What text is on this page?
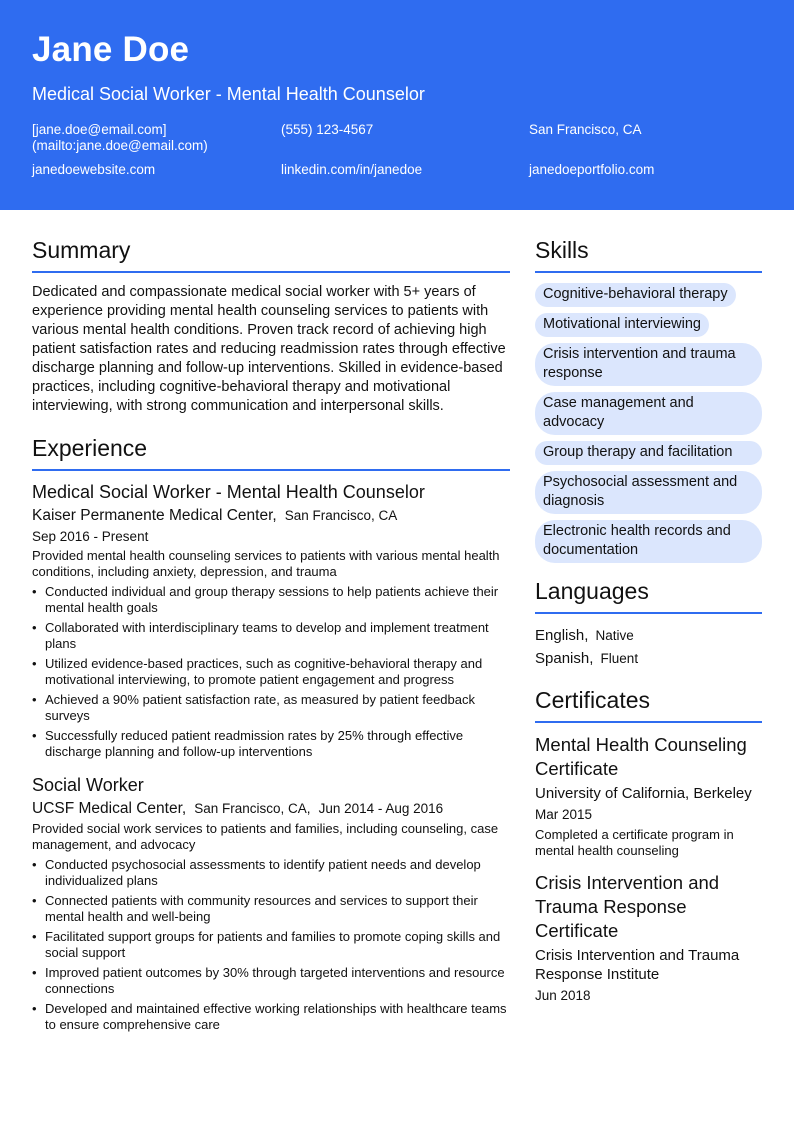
Jane Doe
Medical Social Worker - Mental Health Counselor
[jane.doe@email.com]
(mailto:jane.doe@email.com)
(555) 123-4567	San Francisco, CA
janedoewebsite.com	linkedin.com/in/janedoe	janedoeportfolio.com
Summary
Dedicated and compassionate medical social worker with 5+ years of experience providing mental health counseling services to patients with various mental health conditions. Proven track record of achieving high patient satisfaction rates and reducing readmission rates through effective discharge planning and follow-up interventions. Skilled in evidence-based practices, including cognitive-behavioral therapy and motivational interviewing, with strong communication and interpersonal skills.
Experience
Medical Social Worker - Mental Health Counselor
Kaiser Permanente Medical Center, San Francisco, CA
Sep 2016 - Present
Provided mental health counseling services to patients with various mental health conditions, including anxiety, depression, and trauma
• Conducted individual and group therapy sessions to help patients achieve their mental health goals
• Collaborated with interdisciplinary teams to develop and implement treatment plans
• Utilized evidence-based practices, such as cognitive-behavioral therapy and motivational interviewing, to promote patient engagement and progress
• Achieved a 90% patient satisfaction rate, as measured by patient feedback surveys
• Successfully reduced patient readmission rates by 25% through effective discharge planning and follow-up interventions
Social Worker
UCSF Medical Center, San Francisco, CA, Jun 2014 - Aug 2016
Provided social work services to patients and families, including counseling, case management, and advocacy
• Conducted psychosocial assessments to identify patient needs and develop individualized plans
• Connected patients with community resources and services to support their mental health and well-being
• Facilitated support groups for patients and families to promote coping skills and social support
• Improved patient outcomes by 30% through targeted interventions and resource connections
• Developed and maintained effective working relationships with healthcare teams to ensure comprehensive care
Skills
Cognitive-behavioral therapy
Motivational interviewing
Crisis intervention and trauma response
Case management and advocacy
Group therapy and facilitation
Psychosocial assessment and diagnosis
Electronic health records and documentation
Languages
English, Native
Spanish, Fluent
Certificates
Mental Health Counseling Certificate
University of California, Berkeley
Mar 2015
Completed a certificate program in mental health counseling
Crisis Intervention and Trauma Response Certificate
Crisis Intervention and Trauma Response Institute
Jun 2018
